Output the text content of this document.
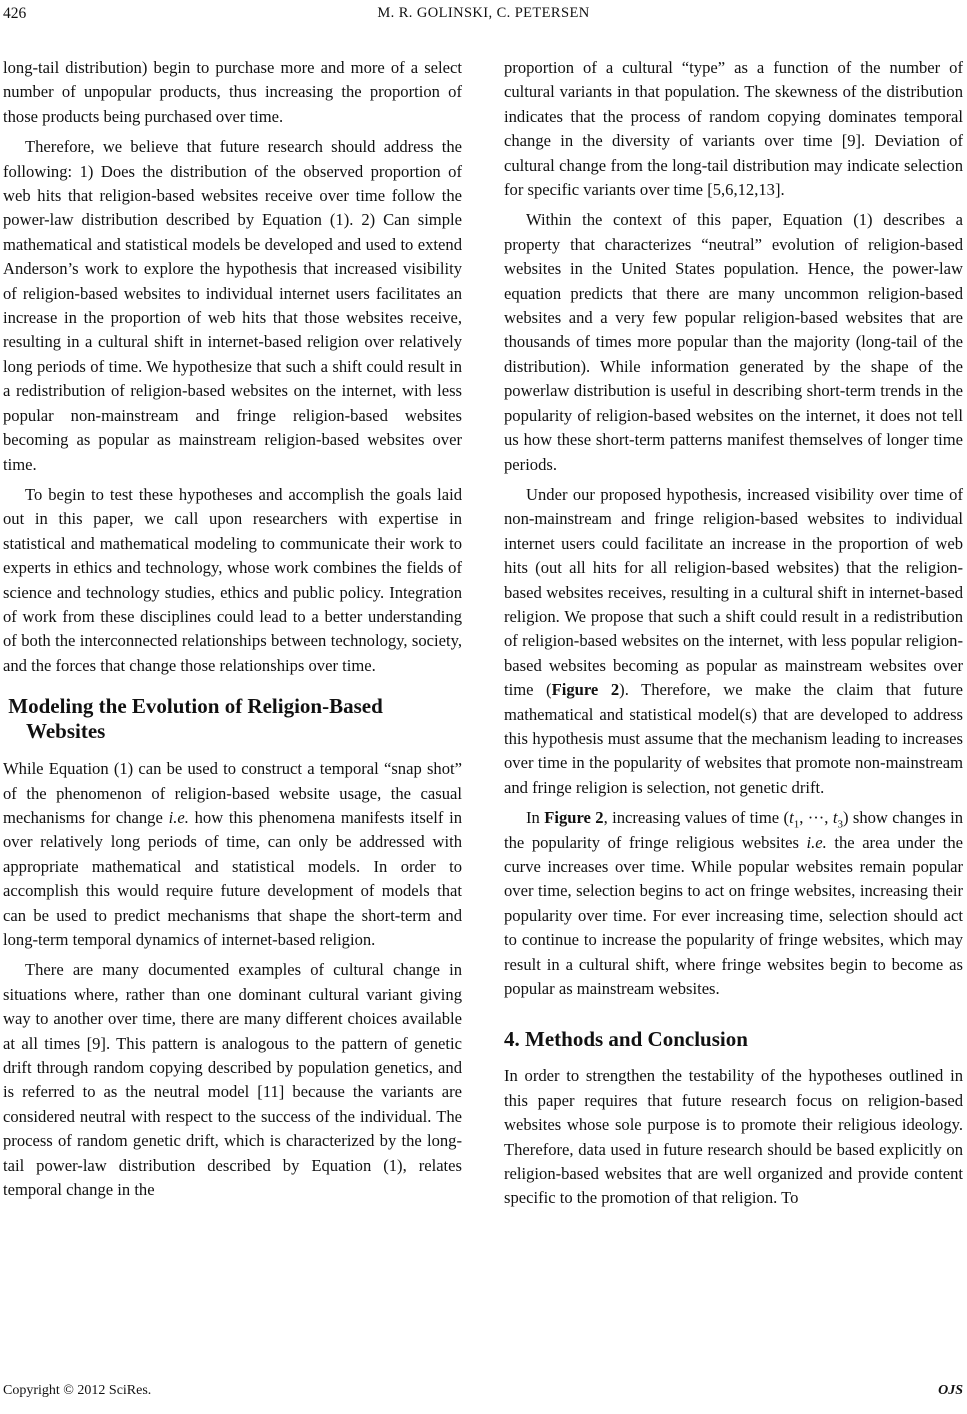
426	M. R. GOLINSKI, C. PETERSEN

long-tail distribution) begin to purchase more and more of a select number of unpopular products, thus increasing the proportion of those products being purchased over time.

Therefore, we believe that future research should address the following: 1) Does the distribution of the observed proportion of web hits that religion-based websites receive over time follow the power-law distribution described by Equation (1). 2) Can simple mathematical and statistical models be developed and used to extend Anderson’s work to explore the hypothesis that increased visibility of religion-based websites to individual internet users facilitates an increase in the proportion of web hits that those websites receive, resulting in a cultural shift in internet-based religion over relatively long periods of time. We hypothesize that such a shift could result in a redistribution of religion-based websites on the internet, with less popular non-mainstream and fringe religion-based websites becoming as popular as mainstream religion-based websites over time.

To begin to test these hypotheses and accomplish the goals laid out in this paper, we call upon researchers with expertise in statistical and mathematical modeling to communicate their work to experts in ethics and technology, whose work combines the fields of science and technology studies, ethics and public policy. Integration of work from these disciplines could lead to a better understanding of both the interconnected relationships between technology, society, and the forces that change those relationships over time.

Modeling the Evolution of Religion-Based Websites

While Equation (1) can be used to construct a temporal “snap shot” of the phenomenon of religion-based website usage, the casual mechanisms for change i.e. how this phenomena manifests itself in over relatively long periods of time, can only be addressed with appropriate mathematical and statistical models. In order to accomplish this would require future development of models that can be used to predict mechanisms that shape the short-term and long-term temporal dynamics of internet-based religion.

There are many documented examples of cultural change in situations where, rather than one dominant cultural variant giving way to another over time, there are many different choices available at all times [9]. This pattern is analogous to the pattern of genetic drift through random copying described by population genetics, and is referred to as the neutral model [11] because the variants are considered neutral with respect to the success of the individual. The process of random genetic drift, which is characterized by the long-tail power-law distribution described by Equation (1), relates temporal change in the

proportion of a cultural “type” as a function of the number of cultural variants in that population. The skewness of the distribution indicates that the process of random copying dominates temporal change in the diversity of variants over time [9]. Deviation of cultural change from the long-tail distribution may indicate selection for specific variants over time [5,6,12,13].

Within the context of this paper, Equation (1) describes a property that characterizes “neutral” evolution of religion-based websites in the United States population. Hence, the power-law equation predicts that there are many uncommon religion-based websites and a very few popular religion-based websites that are thousands of times more popular than the majority (long-tail of the distribution). While information generated by the shape of the powerlaw distribution is useful in describing short-term trends in the popularity of religion-based websites on the internet, it does not tell us how these short-term patterns manifest themselves of longer time periods.

Under our proposed hypothesis, increased visibility over time of non-mainstream and fringe religion-based websites to individual internet users could facilitate an increase in the proportion of web hits (out all hits for all religion-based websites) that the religion-based websites receives, resulting in a cultural shift in internet-based religion. We propose that such a shift could result in a redistribution of religion-based websites on the internet, with less popular religion-based websites becoming as popular as mainstream websites over time (Figure 2). Therefore, we make the claim that future mathematical and statistical model(s) that are developed to address this hypothesis must assume that the mechanism leading to increases over time in the popularity of websites that promote non-mainstream and fringe religion is selection, not genetic drift.

In Figure 2, increasing values of time ($t_1$, ···, $t_3$) show changes in the popularity of fringe religious websites i.e. the area under the curve increases over time. While popular websites remain popular over time, selection begins to act on fringe websites, increasing their popularity over time. For ever increasing time, selection should act to continue to increase the popularity of fringe websites, which may result in a cultural shift, where fringe websites begin to become as popular as mainstream websites.

4. Methods and Conclusion

In order to strengthen the testability of the hypotheses outlined in this paper requires that future research focus on religion-based websites whose sole purpose is to promote their religious ideology. Therefore, data used in future research should be based explicitly on religion-based websites that are well organized and provide content specific to the promotion of that religion. To

Copyright © 2012 SciRes.	OJS
